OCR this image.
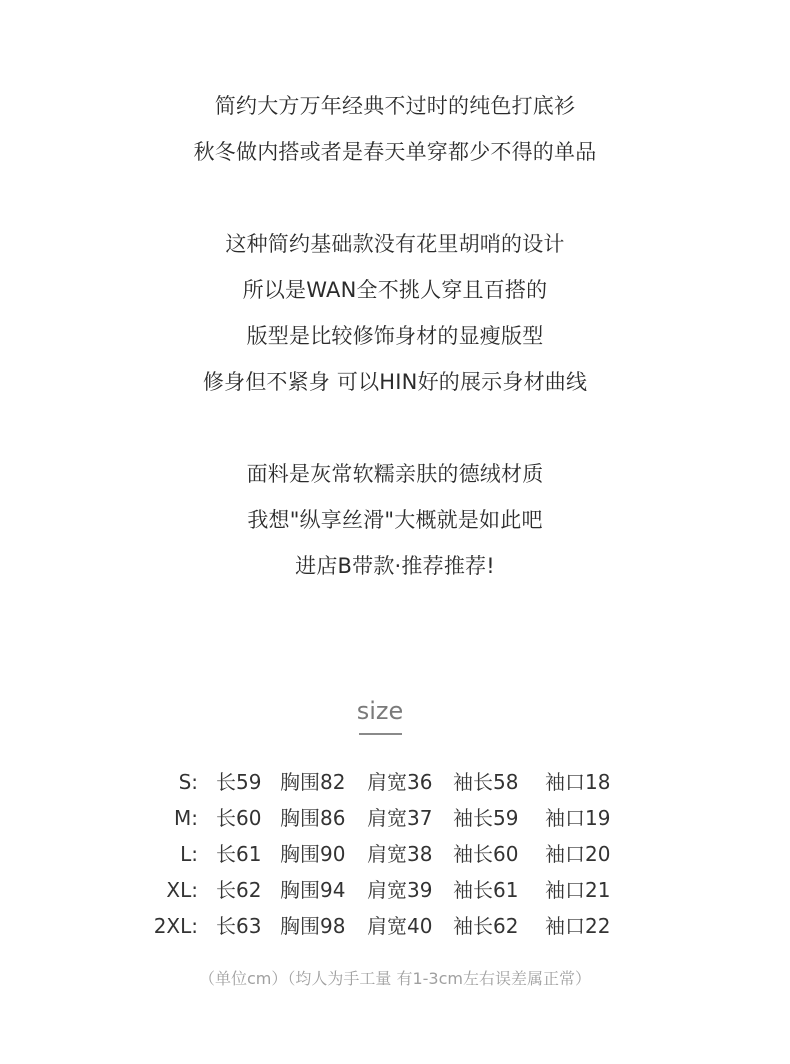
简约大方万年经典不过时的纯色打底衫
秋冬做内搭或者是春天单穿都少不得的单品
这种简约基础款没有花里胡哨的设计
所以是WAN全不挑人穿且百搭的
版型是比较修饰身材的显瘦版型
修身但不紧身 可以HIN好的展示身材曲线
面料是灰常软糯亲肤的德绒材质
我想"纵享丝滑"大概就是如此吧
进店B带款·推荐推荐!
size
S: 长59 胸围82 肩宽36 袖长58 袖口18
M: 长60 胸围86 肩宽37 袖长59 袖口19
L: 长61 胸围90 肩宽38 袖长60 袖口20
XL: 长62 胸围94 肩宽39 袖长61 袖口21
2XL: 长63 胸围98 肩宽40 袖长62 袖口22
（单位cm）（均人为手工量 有1-3cm左右误差属正常）
